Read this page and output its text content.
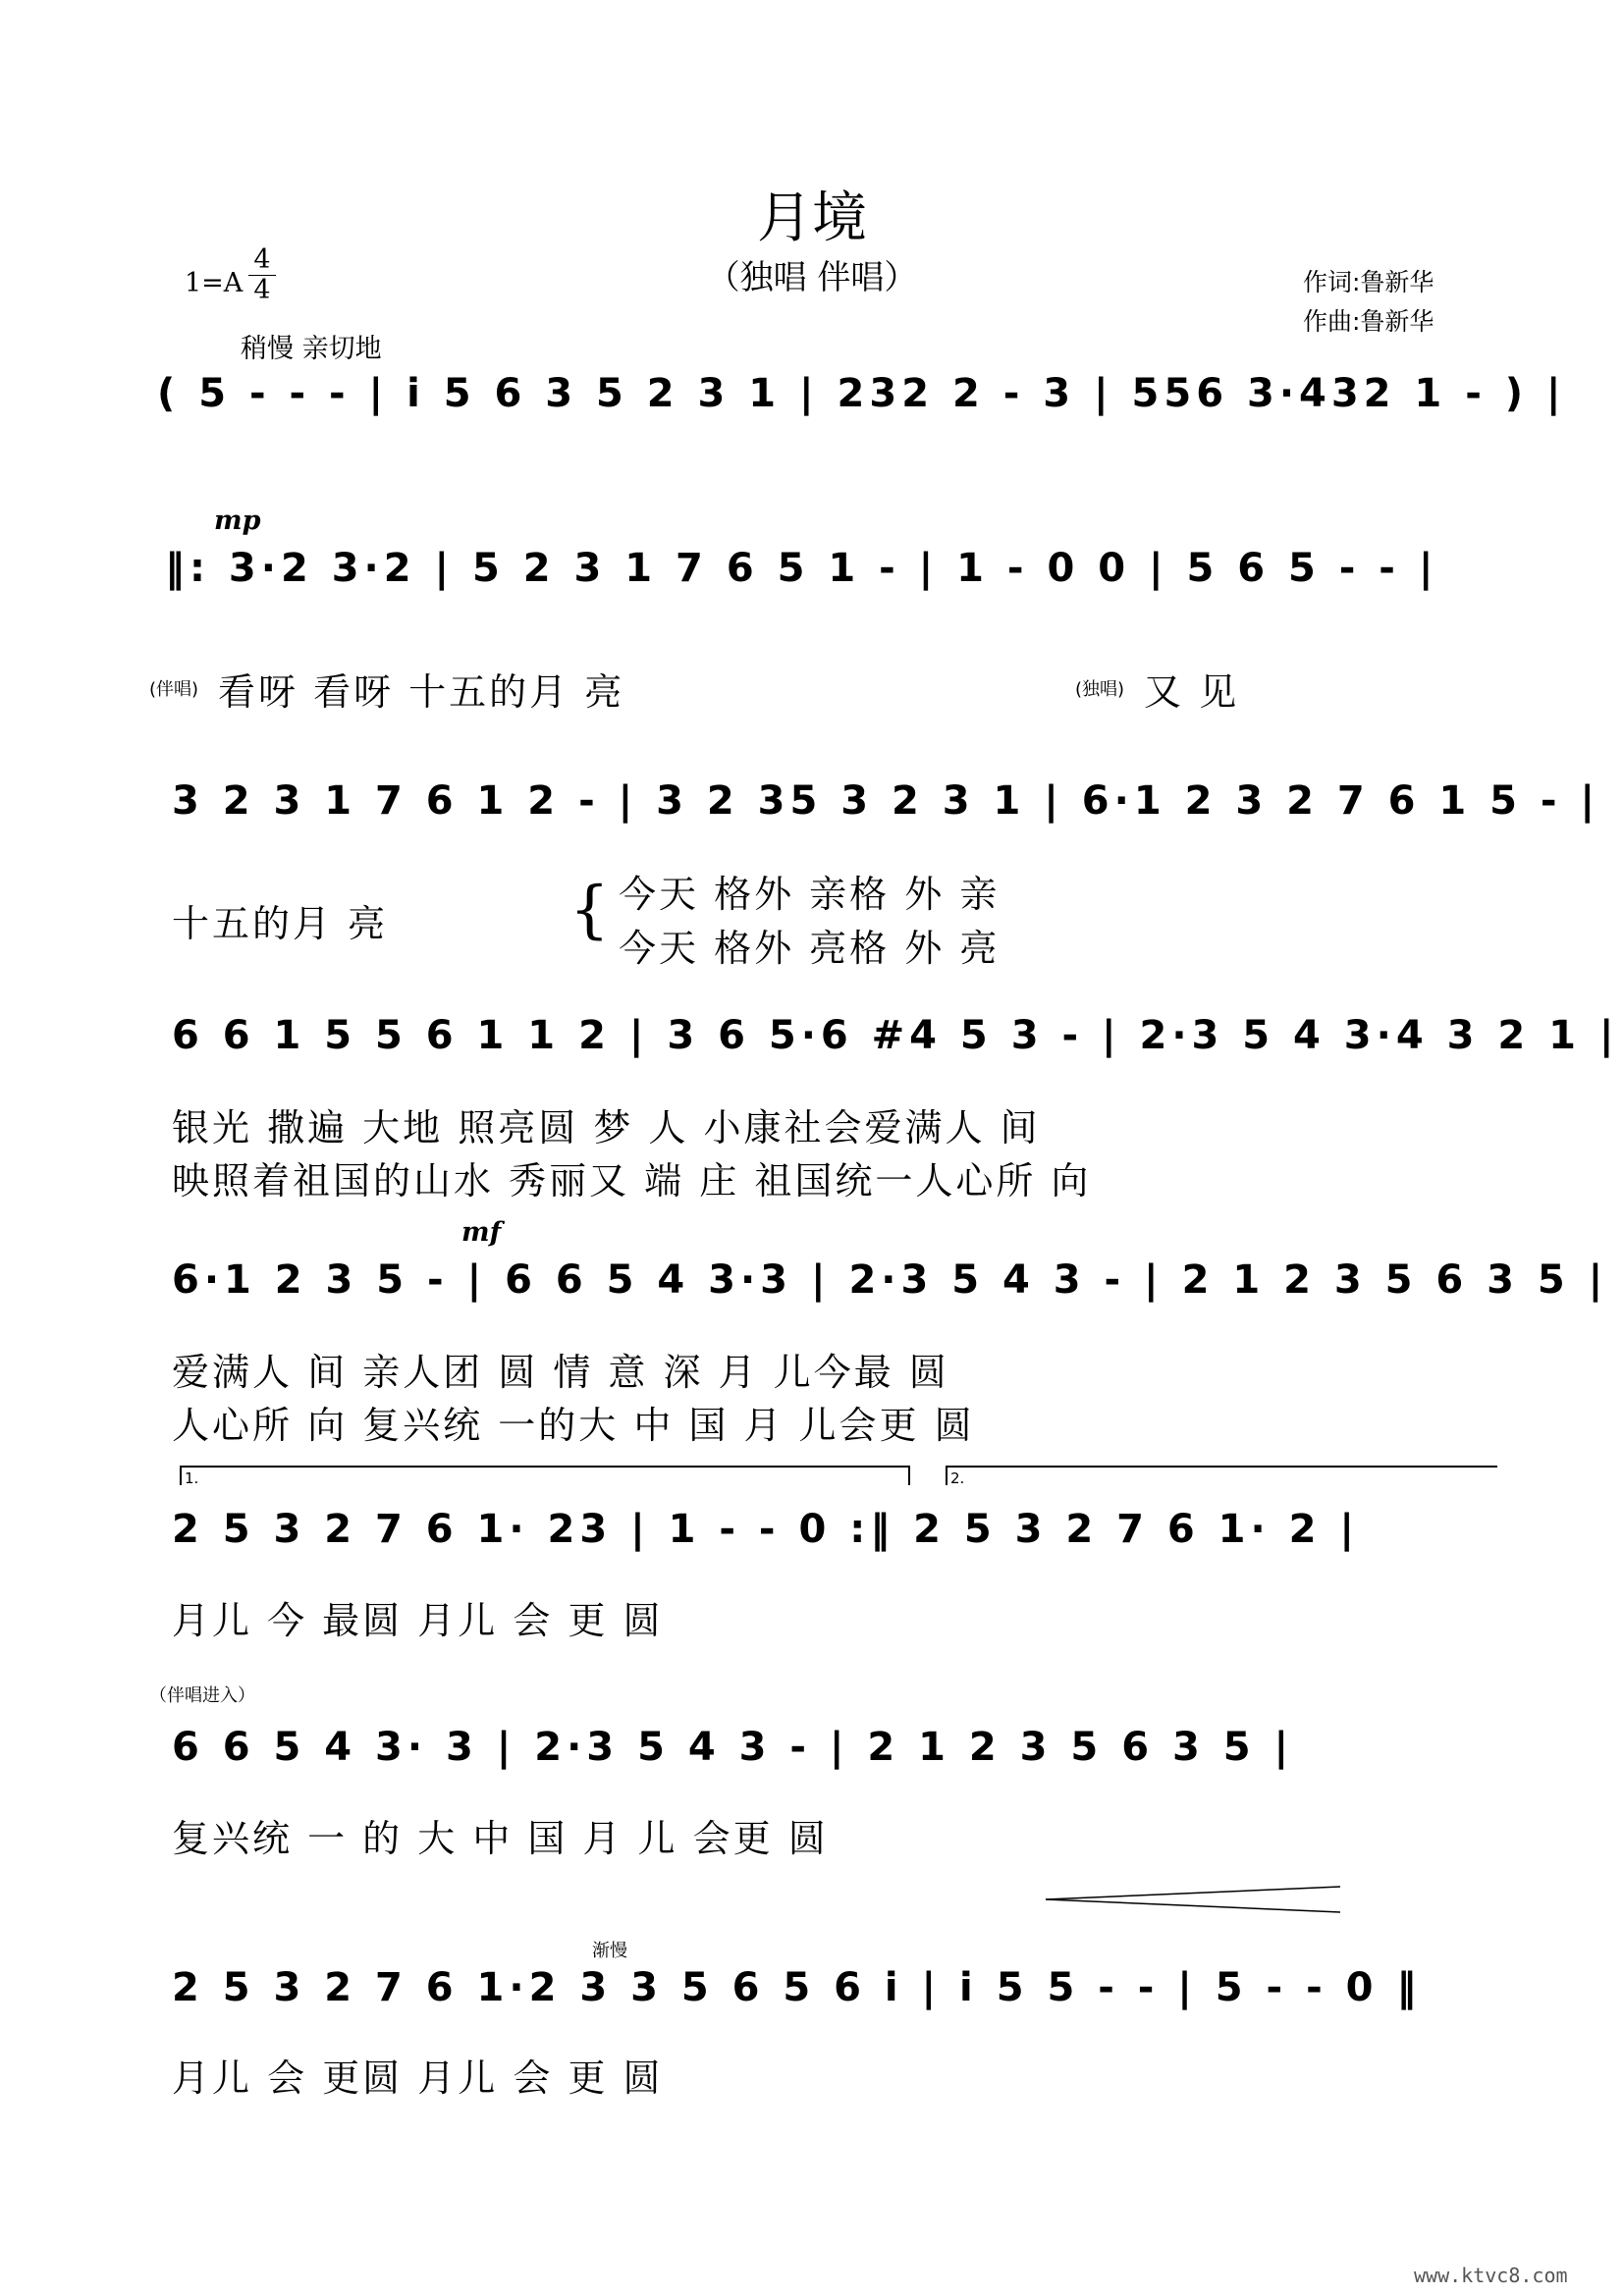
月境
（独唱 伴唱）
$1=A \frac{4}{4}$	作词:鲁新华
作曲:鲁新华
稍慢 亲切地
( 5 - - - | i 5 6 3 5 2 3 1 | 232 2 - 3 | 556 3·432 1 - ) |
mp
‖: 3·2 3·2 | 5 2 3 1 7 6 5 1 - | 1 - 0 0 | 5 6 5 - - |
(伴唱) 看呀 看呀 十五的月 亮	(独唱) 又 见
3 2 3 1 7 6 1 2 - | 3 2 35 3 2 3 1 | 6·1 2 3 2 7 6 1 5 - |
十五的月 亮	{ 今天 格外 亲格 外 亲
今天 格外 亮格 外 亮
6 6 1 5 5 6 1 1 2 | 3 6 5·6 #4 5 3 - | 2·3 5 4 3·4 3 2 1 |
银光 撒遍 大地 照亮圆 梦 人 小康社会爱满人 间
映照着祖国的山水 秀丽又 端 庄 祖国统一人心所 向
mf
6·1 2 3 5 - | 6 6 5 4 3·3 | 2·3 5 4 3 - | 2 1 2 3 5 6 3 5 |
爱满人 间 亲人团 圆 情 意 深 月 儿今最 圆
人心所 向 复兴统 一的大 中 国 月 儿会更 圆
1.	2.
2 5 3 2 7 6 1· 23 | 1 - - 0 :‖ 2 5 3 2 7 6 1· 2 |
月儿 今 最圆 月儿 会 更 圆
（伴唱进入）
6 6 5 4 3· 3 | 2·3 5 4 3 - | 2 1 2 3 5 6 3 5 |
复兴统 一 的 大 中 国 月 儿 会更 圆
渐慢
2 5 3 2 7 6 1·2 3 3 5 6 5 6 i | i 5 5 - - | 5 - - 0 ‖
月儿 会 更圆 月儿 会 更 圆
www.ktvc8.com
